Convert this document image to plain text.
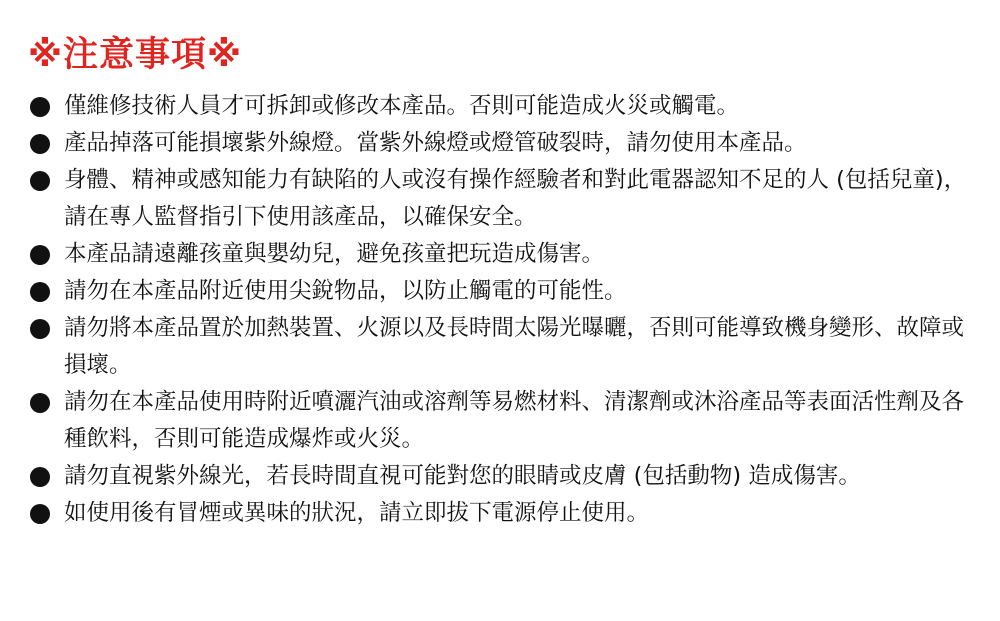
※注意事項※
僅維修技術人員才可拆卸或修改本產品。否則可能造成火災或觸電。
產品掉落可能損壞紫外線燈。當紫外線燈或燈管破裂時，請勿使用本產品。
身體、精神或感知能力有缺陷的人或沒有操作經驗者和對此電器認知不足的人 (包括兒童)，請在專人監督指引下使用該產品，以確保安全。
本產品請遠離孩童與嬰幼兒，避免孩童把玩造成傷害。
請勿在本產品附近使用尖銳物品，以防止觸電的可能性。
請勿將本產品置於加熱裝置、火源以及長時間太陽光曝曬，否則可能導致機身變形、故障或損壞。
請勿在本產品使用時附近噴灑汽油或溶劑等易燃材料、清潔劑或沐浴產品等表面活性劑及各種飲料，否則可能造成爆炸或火災。
請勿直視紫外線光，若長時間直視可能對您的眼睛或皮膚 (包括動物) 造成傷害。
如使用後有冒煙或異味的狀況，請立即拔下電源停止使用。
